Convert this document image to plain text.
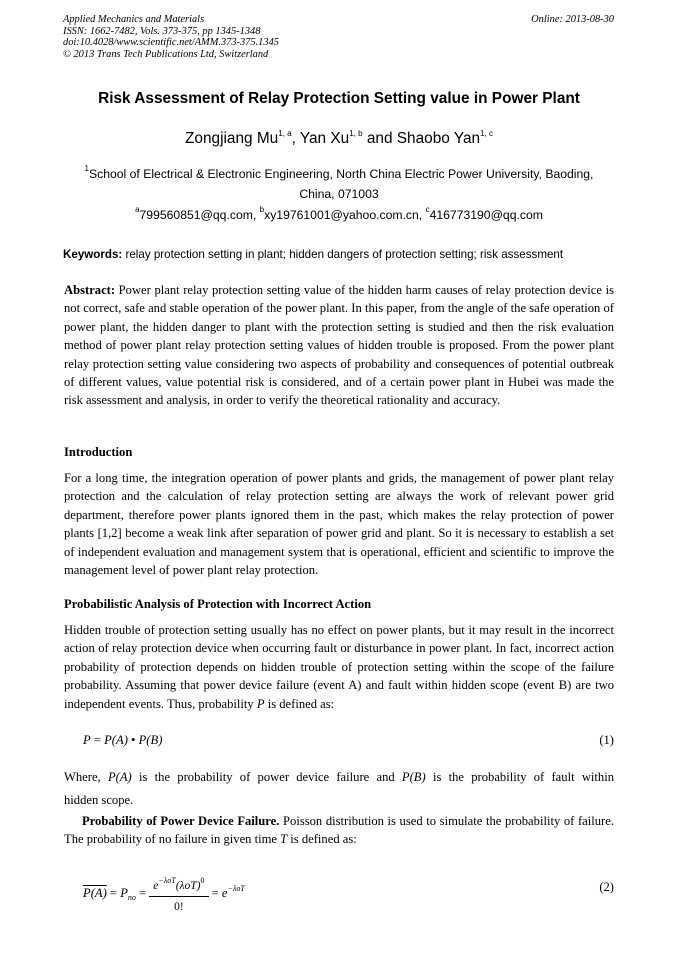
Applied Mechanics and Materials
ISSN: 1662-7482, Vols. 373-375, pp 1345-1348
doi:10.4028/www.scientific.net/AMM.373-375.1345
© 2013 Trans Tech Publications Ltd, Switzerland
Online: 2013-08-30
Risk Assessment of Relay Protection Setting value in Power Plant
Zongjiang Mu$^{1, a}$, Yan Xu$^{1, b}$ and Shaobo Yan$^{1, c}$
$^1$School of Electrical & Electronic Engineering, North China Electric Power University, Baoding, China, 071003
$^a$799560851@qq.com, $^b$xy19761001@yahoo.com.cn, $^c$416773190@qq.com
Keywords: relay protection setting in plant; hidden dangers of protection setting; risk assessment
Abstract: Power plant relay protection setting value of the hidden harm causes of relay protection device is not correct, safe and stable operation of the power plant. In this paper, from the angle of the safe operation of power plant, the hidden danger to plant with the protection setting is studied and then the risk evaluation method of power plant relay protection setting values of hidden trouble is proposed. From the power plant relay protection setting value considering two aspects of probability and consequences of potential outbreak of different values, value potential risk is considered, and of a certain power plant in Hubei was made the risk assessment and analysis, in order to verify the theoretical rationality and accuracy.
Introduction
For a long time, the integration operation of power plants and grids, the management of power plant relay protection and the calculation of relay protection setting are always the work of relevant power grid department, therefore power plants ignored them in the past, which makes the relay protection of power plants [1,2] become a weak link after separation of power grid and plant. So it is necessary to establish a set of independent evaluation and management system that is operational, efficient and scientific to improve the management level of power plant relay protection.
Probabilistic Analysis of Protection with Incorrect Action
Hidden trouble of protection setting usually has no effect on power plants, but it may result in the incorrect action of relay protection device when occurring fault or disturbance in power plant. In fact, incorrect action probability of protection depends on hidden trouble of protection setting within the scope of the failure probability. Assuming that power device failure (event A) and fault within hidden scope (event B) are two independent events. Thus, probability P is defined as:
P = P(A) • P(B)	(1)
Where, P(A) is the probability of power device failure and P(B) is the probability of fault within
hidden scope.
Probability of Power Device Failure. Poisson distribution is used to simulate the probability of failure. The probability of no failure in given time T is defined as:
$P(A) = P_{no} = \frac{e^{-\lambda oT}(\lambda oT)^0}{0!} = e^{-\lambda oT}$	(2)
